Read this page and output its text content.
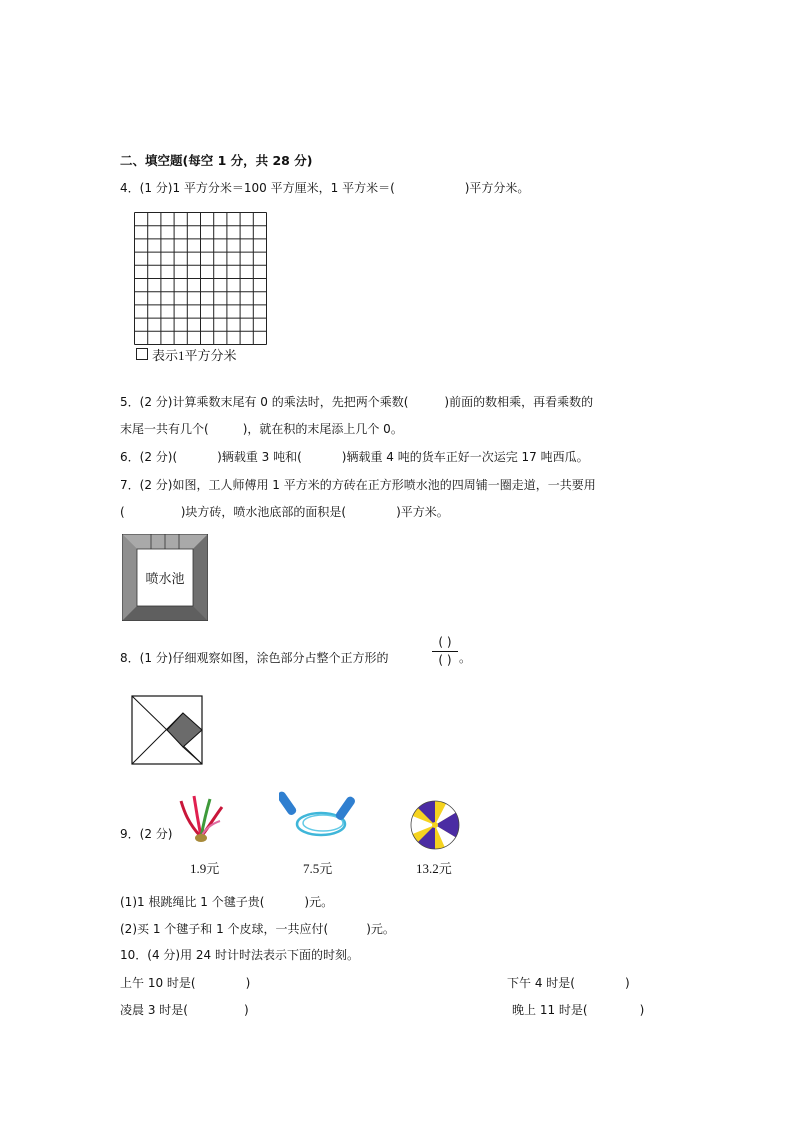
二、填空题(每空 1 分，共 28 分)
4．(1 分)1 平方分米＝100 平方厘米，1 平方米＝(	)平方分米。
表示1平方分米
5．(2 分)计算乘数末尾有 0 的乘法时，先把两个乘数(	)前面的数相乘，再看乘数的
末尾一共有几个(	)，就在积的末尾添上几个 0。
6．(2 分)(	)辆载重 3 吨和(	)辆载重 4 吨的货车正好一次运完 17 吨西瓜。
7．(2 分)如图，工人师傅用 1 平方米的方砖在正方形喷水池的四周铺一圈走道，一共要用
(	)块方砖，喷水池底部的面积是(	)平方米。
喷水池
8．(1 分)仔细观察如图，涂色部分占整个正方形的
( )
( ) 。
9．(2 分)
1.9元	7.5元	13.2元
(1)1 根跳绳比 1 个毽子贵(	)元。
(2)买 1 个毽子和 1 个皮球，一共应付(	)元。
10．(4 分)用 24 时计时法表示下面的时刻。
上午 10 时是(	)	下午 4 时是(	)
凌晨 3 时是(	)	晚上 11 时是(	)
